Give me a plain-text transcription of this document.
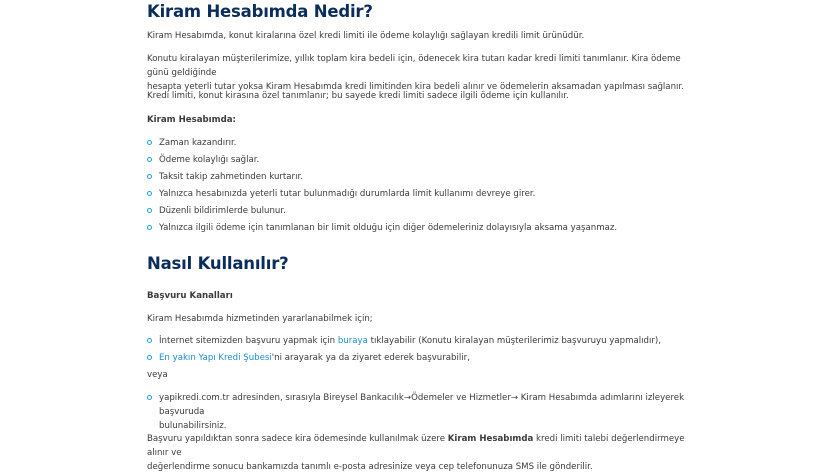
Kiram Hesabımda Nedir?

Kiram Hesabımda, konut kiralarına özel kredi limiti ile ödeme kolaylığı sağlayan kredili limit ürünüdür.

Konutu kiralayan müşterilerimize, yıllık toplam kira bedeli için, ödenecek kira tutarı kadar kredi limiti tanımlanır. Kira ödeme günü geldiğinde
hesapta yeterli tutar yoksa Kiram Hesabımda kredi limitinden kira bedeli alınır ve ödemelerin aksamadan yapılması sağlanır.

Kredi limiti, konut kirasına özel tanımlanır; bu sayede kredi limiti sadece ilgili ödeme için kullanılır.

Kiram Hesabımda:

Zaman kazandırır.
Ödeme kolaylığı sağlar.
Taksit takip zahmetinden kurtarır.
Yalnızca hesabınızda yeterli tutar bulunmadığı durumlarda limit kullanımı devreye girer.
Düzenli bildirimlerde bulunur.
Yalnızca ilgili ödeme için tanımlanan bir limit olduğu için diğer ödemeleriniz dolayısıyla aksama yaşanmaz.
Nasıl Kullanılır?

Başvuru Kanalları

Kiram Hesabımda hizmetinden yararlanabilmek için;

İnternet sitemizden başvuru yapmak için buraya tıklayabilir (Konutu kiralayan müşterilerimiz başvuruyu yapmalıdır),
En yakın Yapı Kredi Şubesi'ni arayarak ya da ziyaret ederek başvurabilir,

veya

yapikredi.com.tr adresinden, sırasıyla Bireysel Bankacılık→Ödemeler ve Hizmetler→ Kiram Hesabımda adımlarını izleyerek başvuruda
bulunabilirsiniz.
Başvuru yapıldıktan sonra sadece kira ödemesinde kullanılmak üzere Kiram Hesabımda kredi limiti talebi değerlendirmeye alınır ve
değerlendirme sonucu bankamızda tanımlı e-posta adresinize veya cep telefonunuza SMS ile gönderilir.
